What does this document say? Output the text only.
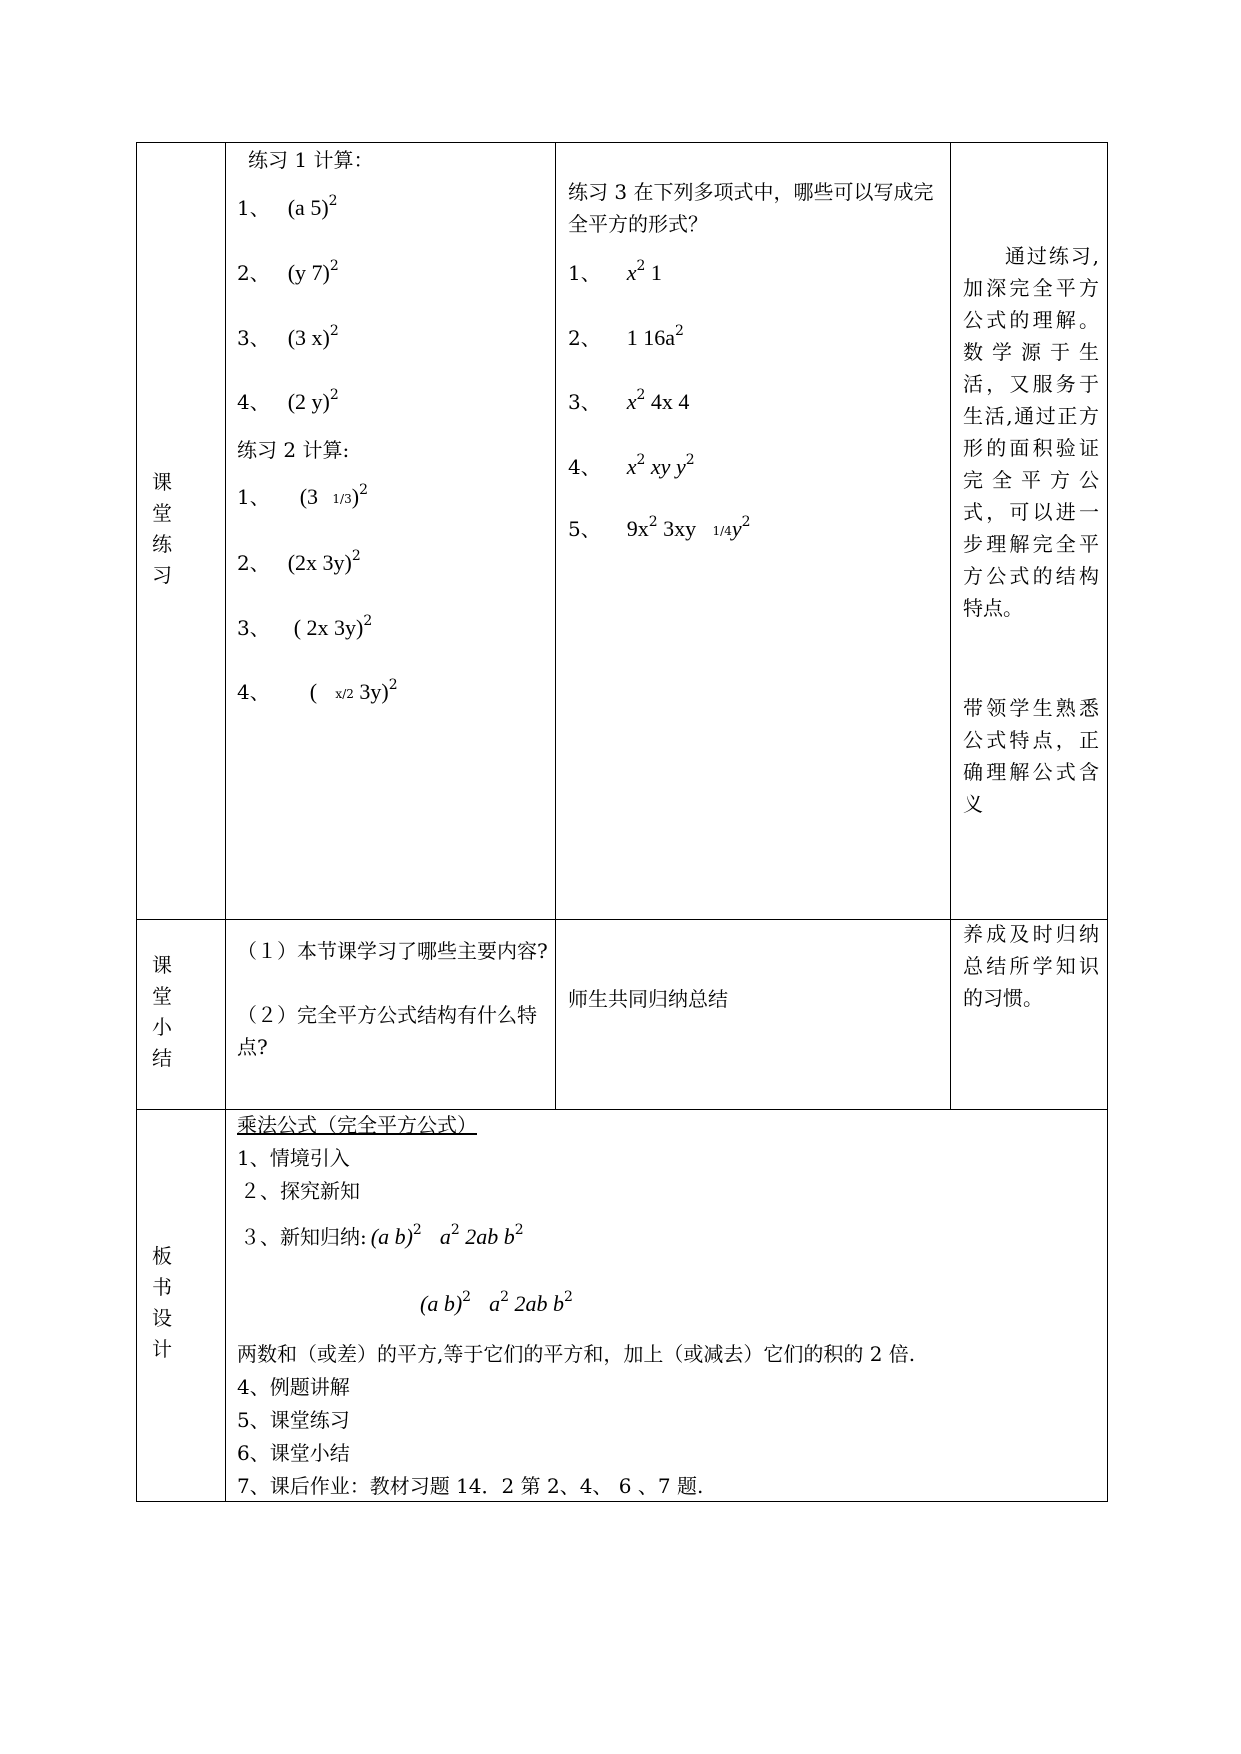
课
堂
练
习
课
堂
小
结
板
书
设
计
练习 1 计算：
1、 (a 5)$^2$
2、 (y 7)$^2$
3、 (3 x)$^2$
4、 (2 y)$^2$
练习 2 计算:
1、 (3 1/3)$^2$
2、 (2x 3y)$^2$
3、 ( 2x 3y)$^2$
4、 ( x/2 3y)$^2$
练习 3 在下列多项式中，哪些可以写成完全平方的形式？
1、 $x^2$ 1
2、 1 $16a^2$
3、 $x^2$ 4x 4
4、 $x^2$ xy $y^2$
5、 $9x^2$ 3xy $1/4y^2$
通过练习,加深完全平方公式的理解。 数学源于生活，又服务于生活,通过正方形的面积验证完全平方公式，可以进一步理解完全平方公式的结构特点。
带领学生熟悉公式特点，正确理解公式含义
（１）本节课学习了哪些主要内容?
（２）完全平方公式结构有什么特点?
师生共同归纳总结
养成及时归纳总结所学知识的习惯。
乘法公式（完全平方公式）
1、情境引入
２、探究新知
３、新知归纳: (a b)$^2$ $a^2$ 2ab $b^2$
(a b)$^2$ $a^2$ 2ab $b^2$
两数和（或差）的平方,等于它们的平方和，加上（或减去）它们的积的 2 倍.
4、例题讲解
5、课堂练习
6、课堂小结
7、课后作业：教材习题 14．2 第 2、4、 6 、7 题.
